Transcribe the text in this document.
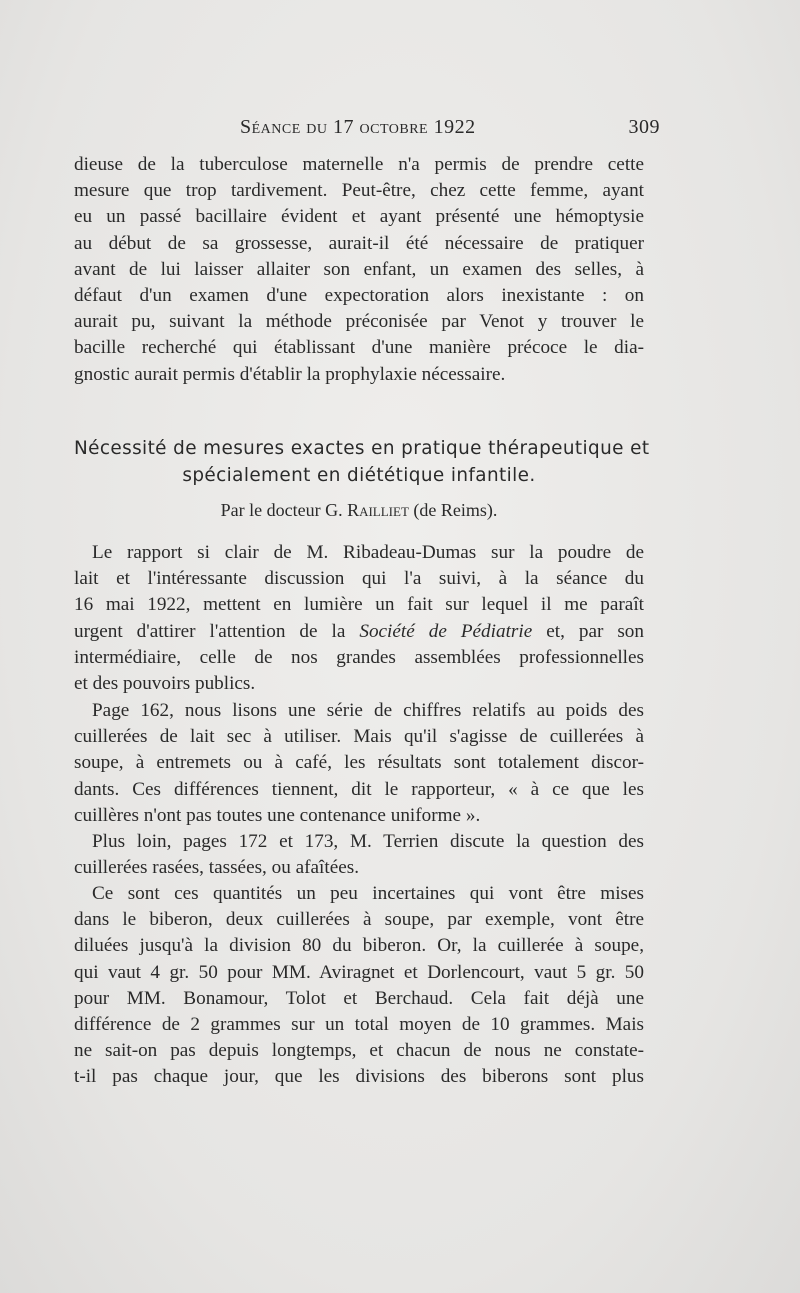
Séance du 17 octobre 1922	309
dieuse de la tuberculose maternelle n'a permis de prendre cette
mesure que trop tardivement. Peut-être, chez cette femme, ayant
eu un passé bacillaire évident et ayant présenté une hémoptysie
au début de sa grossesse, aurait-il été nécessaire de pratiquer
avant de lui laisser allaiter son enfant, un examen des selles, à
défaut d'un examen d'une expectoration alors inexistante : on
aurait pu, suivant la méthode préconisée par Venot y trouver le
bacille recherché qui établissant d'une manière précoce le dia-
gnostic aurait permis d'établir la prophylaxie nécessaire.
Nécessité de mesures exactes en pratique thérapeutique et
spécialement en diététique infantile.
Par le docteur G. Railliet (de Reims).
Le rapport si clair de M. Ribadeau-Dumas sur la poudre de
lait et l'intéressante discussion qui l'a suivi, à la séance du
16 mai 1922, mettent en lumière un fait sur lequel il me paraît
urgent d'attirer l'attention de la Société de Pédiatrie et, par son
intermédiaire, celle de nos grandes assemblées professionnelles
et des pouvoirs publics.
Page 162, nous lisons une série de chiffres relatifs au poids des
cuillerées de lait sec à utiliser. Mais qu'il s'agisse de cuillerées à
soupe, à entremets ou à café, les résultats sont totalement discor-
dants. Ces différences tiennent, dit le rapporteur, « à ce que les
cuillères n'ont pas toutes une contenance uniforme ».
Plus loin, pages 172 et 173, M. Terrien discute la question des
cuillerées rasées, tassées, ou afaîtées.
Ce sont ces quantités un peu incertaines qui vont être mises
dans le biberon, deux cuillerées à soupe, par exemple, vont être
diluées jusqu'à la division 80 du biberon. Or, la cuillerée à soupe,
qui vaut 4 gr. 50 pour MM. Aviragnet et Dorlencourt, vaut 5 gr. 50
pour MM. Bonamour, Tolot et Berchaud. Cela fait déjà une
différence de 2 grammes sur un total moyen de 10 grammes. Mais
ne sait-on pas depuis longtemps, et chacun de nous ne constate-
t-il pas chaque jour, que les divisions des biberons sont plus
